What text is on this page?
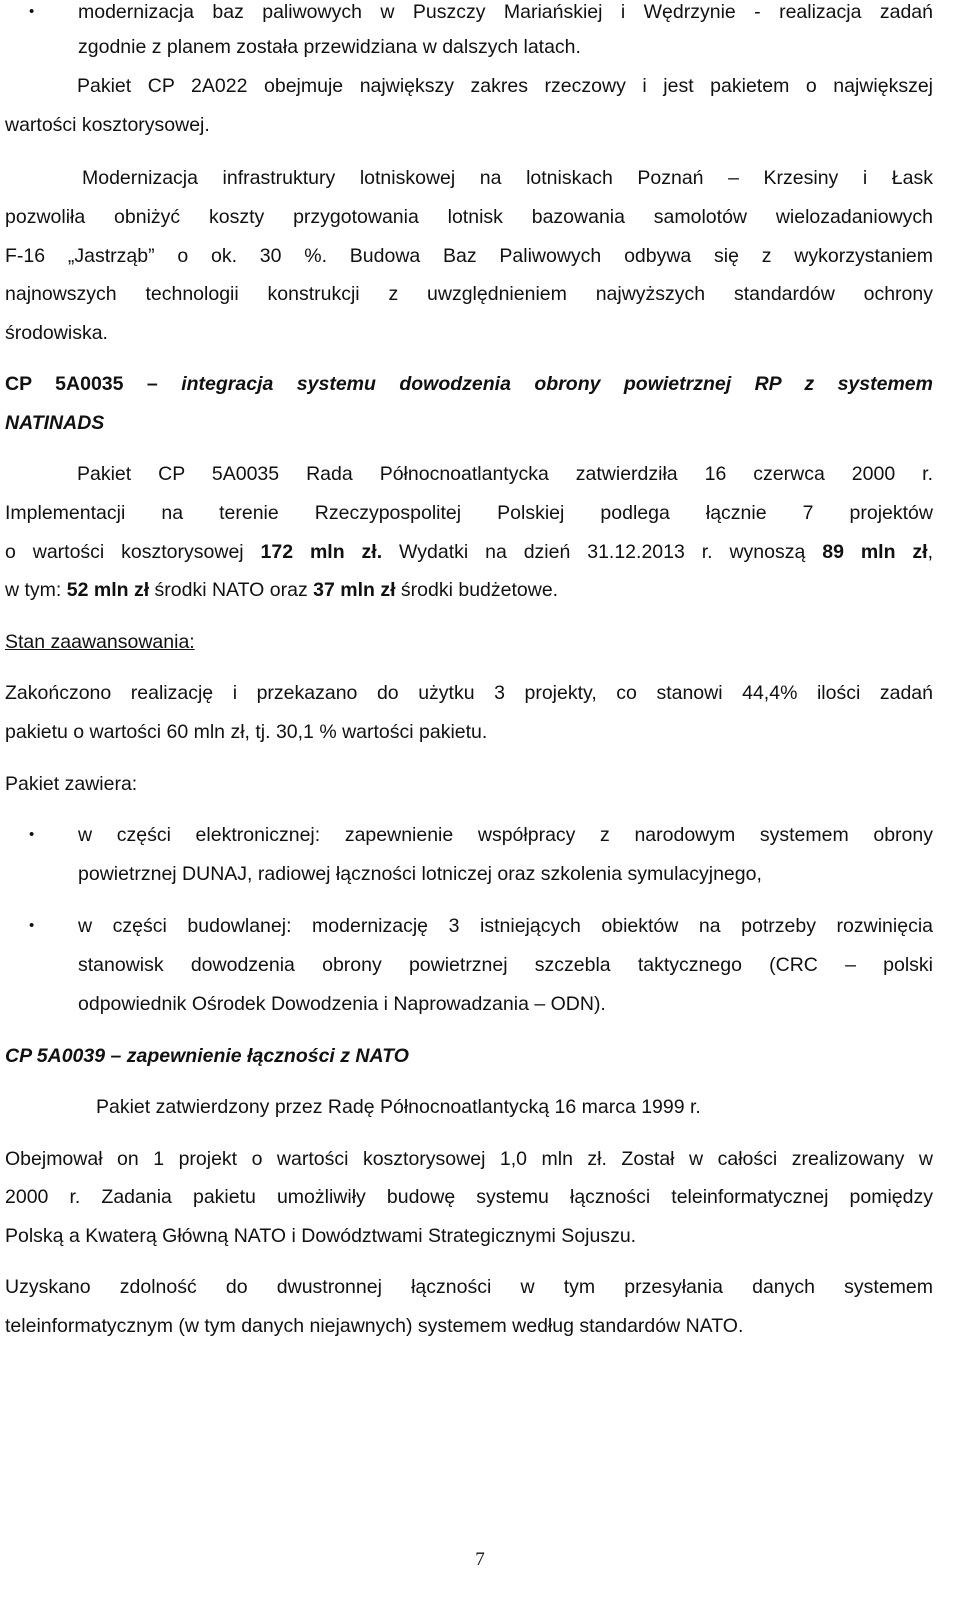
• modernizacja baz paliwowych w Puszczy Mariańskiej i Wędrzynie - realizacja zadań
zgodnie z planem została przewidziana w dalszych latach.
Pakiet CP 2A022 obejmuje największy zakres rzeczowy i jest pakietem o największej
wartości kosztorysowej.
Modernizacja infrastruktury lotniskowej na lotniskach Poznań – Krzesiny i Łask
pozwoliła obniżyć koszty przygotowania lotnisk bazowania samolotów wielozadaniowych
F-16 „Jastrząb” o ok. 30 %. Budowa Baz Paliwowych odbywa się z wykorzystaniem
najnowszych technologii konstrukcji z uwzględnieniem najwyższych standardów ochrony
środowiska.
CP 5A0035 – integracja systemu dowodzenia obrony powietrznej RP z systemem
NATINADS
Pakiet CP 5A0035 Rada Północnoatlantycka zatwierdziła 16 czerwca 2000 r.
Implementacji na terenie Rzeczypospolitej Polskiej podlega łącznie 7 projektów
o wartości kosztorysowej 172 mln zł. Wydatki na dzień 31.12.2013 r. wynoszą 89 mln zł,
w tym: 52 mln zł środki NATO oraz 37 mln zł środki budżetowe.
Stan zaawansowania:
Zakończono realizację i przekazano do użytku 3 projekty, co stanowi 44,4% ilości zadań
pakietu o wartości 60 mln zł, tj. 30,1 % wartości pakietu.
Pakiet zawiera:
• w części elektronicznej: zapewnienie współpracy z narodowym systemem obrony
powietrznej DUNAJ, radiowej łączności lotniczej oraz szkolenia symulacyjnego,
• w części budowlanej: modernizację 3 istniejących obiektów na potrzeby rozwinięcia
stanowisk dowodzenia obrony powietrznej szczebla taktycznego (CRC – polski
odpowiednik Ośrodek Dowodzenia i Naprowadzania – ODN).
CP 5A0039 – zapewnienie łączności z NATO
Pakiet zatwierdzony przez Radę Północnoatlantycką 16 marca 1999 r.
Obejmował on 1 projekt o wartości kosztorysowej 1,0 mln zł. Został w całości zrealizowany w
2000 r. Zadania pakietu umożliwiły budowę systemu łączności teleinformatycznej pomiędzy
Polską a Kwaterą Główną NATO i Dowództwami Strategicznymi Sojuszu.
Uzyskano zdolność do dwustronnej łączności w tym przesyłania danych systemem
teleinformatycznym (w tym danych niejawnych) systemem według standardów NATO.
7
